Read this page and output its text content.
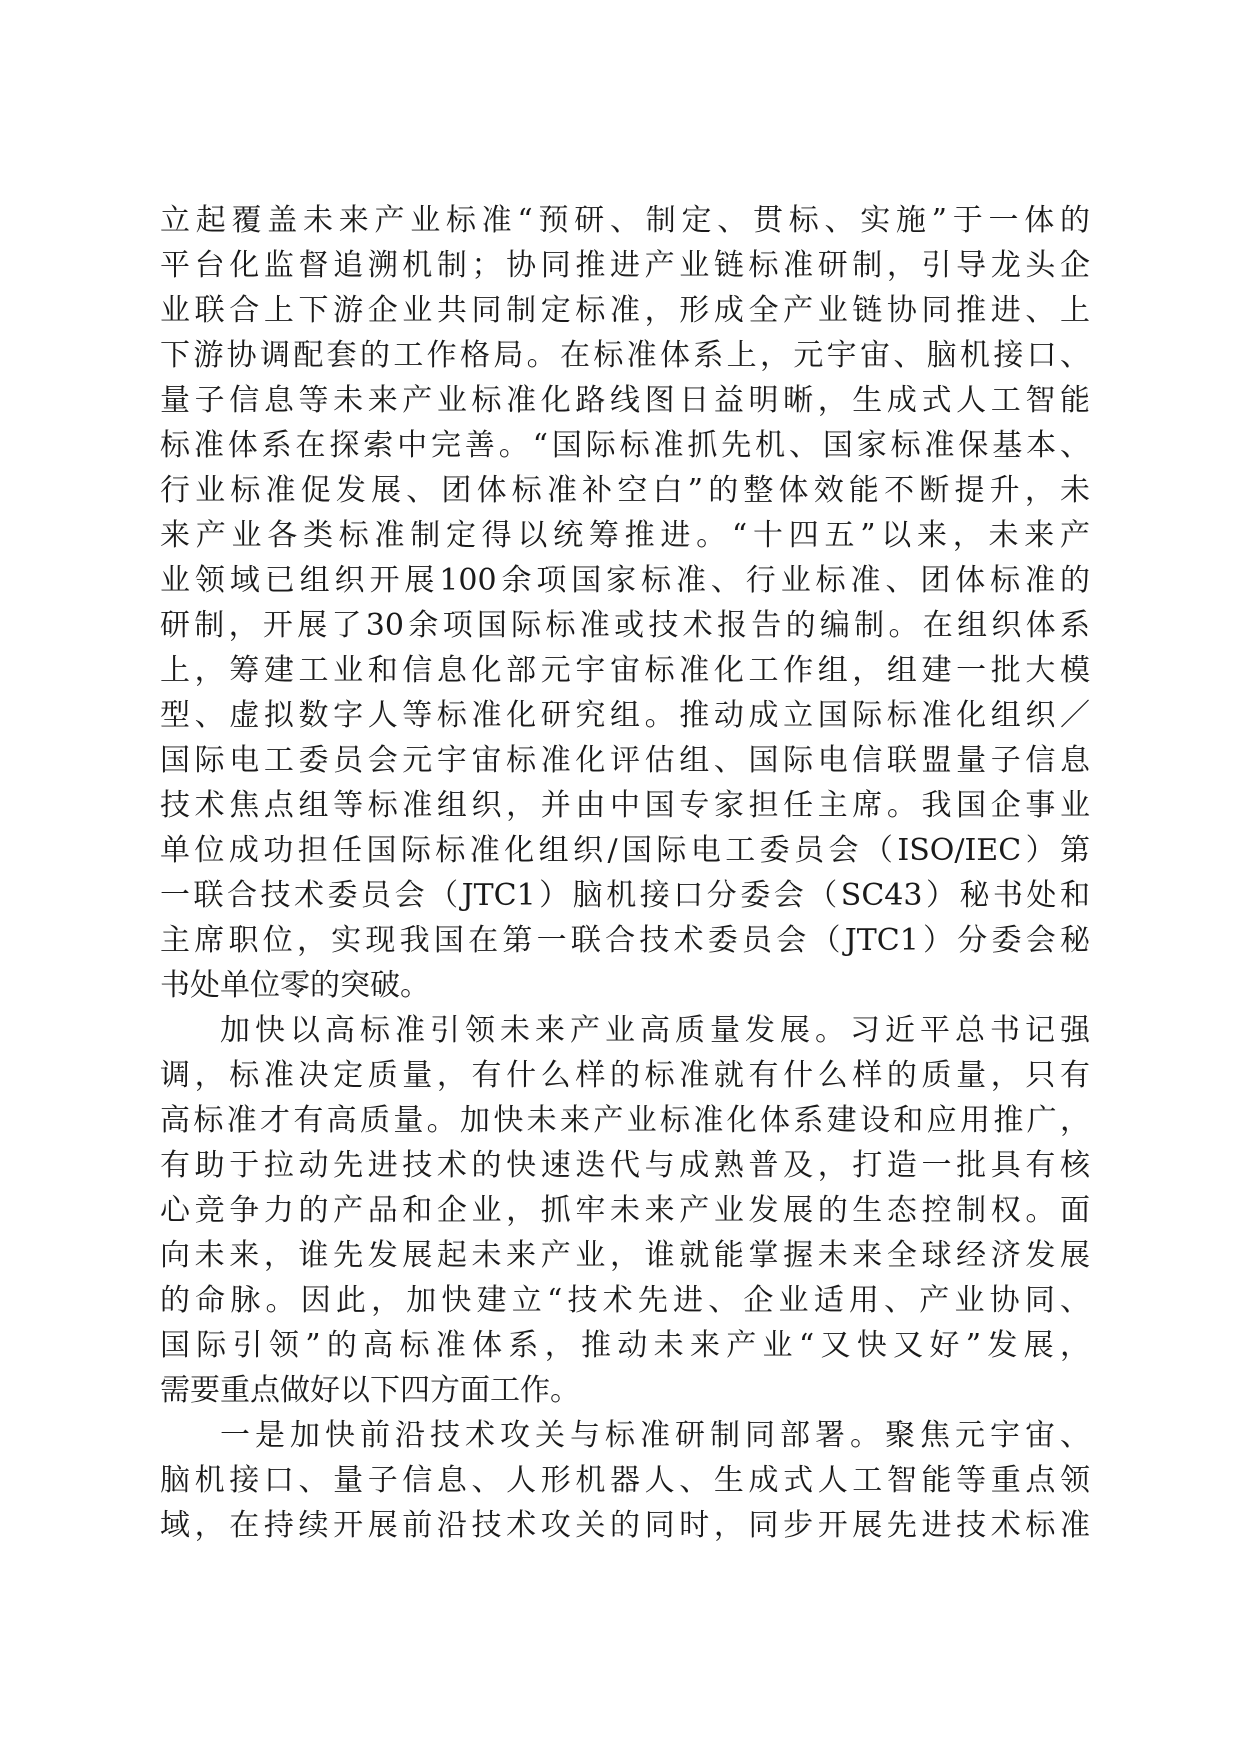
立起覆盖未来产业标准“预研、制定、贯标、实施”于一体的
平台化监督追溯机制；协同推进产业链标准研制，引导龙头企
业联合上下游企业共同制定标准，形成全产业链协同推进、上
下游协调配套的工作格局。在标准体系上，元宇宙、脑机接口、
量子信息等未来产业标准化路线图日益明晰，生成式人工智能
标准体系在探索中完善。“国际标准抓先机、国家标准保基本、
行业标准促发展、团体标准补空白”的整体效能不断提升，未
来产业各类标准制定得以统筹推进。“十四五”以来，未来产
业领域已组织开展100余项国家标准、行业标准、团体标准的
研制，开展了30余项国际标准或技术报告的编制。在组织体系
上，筹建工业和信息化部元宇宙标准化工作组，组建一批大模
型、虚拟数字人等标准化研究组。推动成立国际标准化组织／
国际电工委员会元宇宙标准化评估组、国际电信联盟量子信息
技术焦点组等标准组织，并由中国专家担任主席。我国企事业
单位成功担任国际标准化组织/国际电工委员会（ISO/IEC）第
一联合技术委员会（JTC1）脑机接口分委会（SC43）秘书处和
主席职位，实现我国在第一联合技术委员会（JTC1）分委会秘
书处单位零的突破。
加快以高标准引领未来产业高质量发展。习近平总书记强
调，标准决定质量，有什么样的标准就有什么样的质量，只有
高标准才有高质量。加快未来产业标准化体系建设和应用推广，
有助于拉动先进技术的快速迭代与成熟普及，打造一批具有核
心竞争力的产品和企业，抓牢未来产业发展的生态控制权。面
向未来，谁先发展起未来产业，谁就能掌握未来全球经济发展
的命脉。因此，加快建立“技术先进、企业适用、产业协同、
国际引领”的高标准体系，推动未来产业“又快又好”发展，
需要重点做好以下四方面工作。
一是加快前沿技术攻关与标准研制同部署。聚焦元宇宙、
脑机接口、量子信息、人形机器人、生成式人工智能等重点领
域，在持续开展前沿技术攻关的同时，同步开展先进技术标准
